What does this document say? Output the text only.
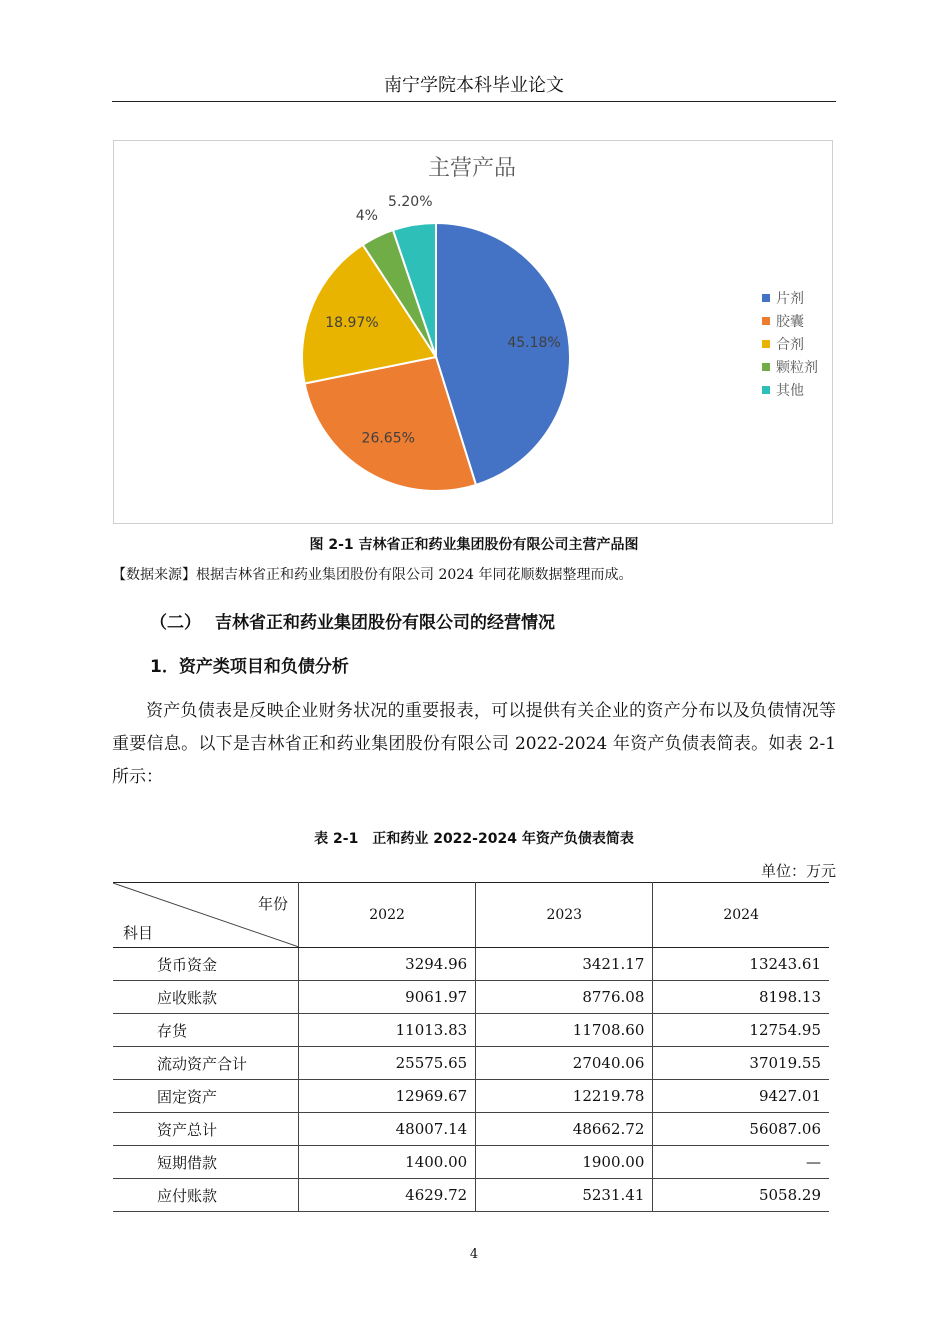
南宁学院本科毕业论文
主营产品
45.18%
26.65%
18.97%
4%
5.20%
片剂
胶囊
合剂
颗粒剂
其他
图 2-1 吉林省正和药业集团股份有限公司主营产品图
【数据来源】根据吉林省正和药业集团股份有限公司 2024 年同花顺数据整理而成。
（二） 吉林省正和药业集团股份有限公司的经营情况
1．资产类项目和负债分析
资产负债表是反映企业财务状况的重要报表，可以提供有关企业的资产分布以及负债情况等重要信息。以下是吉林省正和药业集团股份有限公司 2022-2024 年资产负债表简表。如表 2-1 所示：
表 2-1 正和药业 2022-2024 年资产负债表简表
单位：万元
年份
科目	2022	2023	2024
货币资金	3294.96	3421.17	13243.61
应收账款	9061.97	8776.08	8198.13
存货	11013.83	11708.60	12754.95
流动资产合计	25575.65	27040.06	37019.55
固定资产	12969.67	12219.78	9427.01
资产总计	48007.14	48662.72	56087.06
短期借款	1400.00	1900.00	—
应付账款	4629.72	5231.41	5058.29
4
